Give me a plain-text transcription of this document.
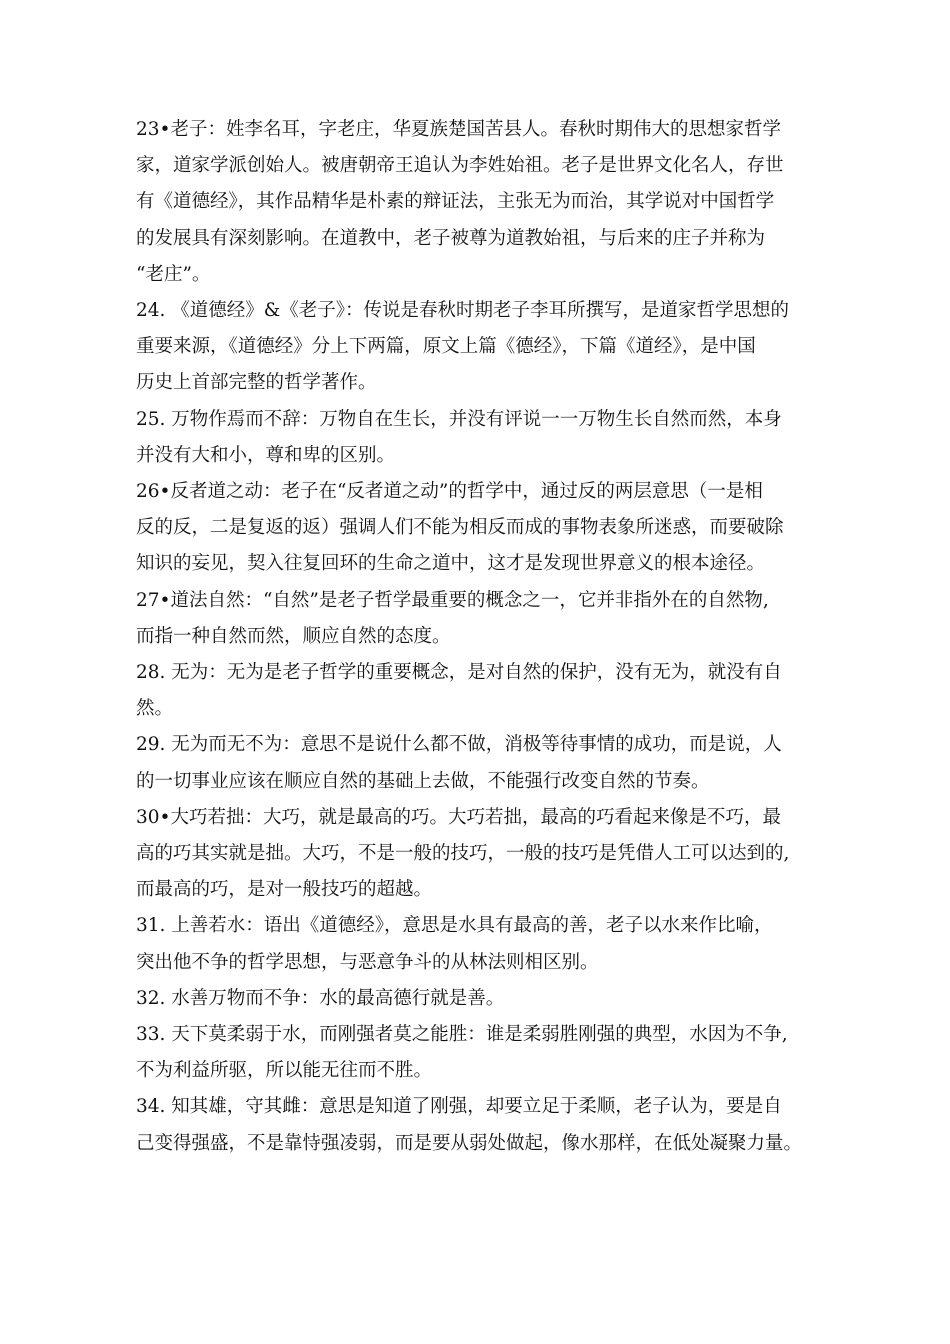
23•老子：姓李名耳，字老庄，华夏族楚国苦县人。春秋时期伟大的思想家哲学
家，道家学派创始人。被唐朝帝王追认为李姓始祖。老子是世界文化名人，存世
有《道德经》，其作品精华是朴素的辩证法，主张无为而治，其学说对中国哲学
的发展具有深刻影响。在道教中，老子被尊为道教始祖，与后来的庄子并称为
“老庄”。
24. 《道德经》&《老子》：传说是春秋时期老子李耳所撰写，是道家哲学思想的
重要来源，《道德经》分上下两篇，原文上篇《德经》，下篇《道经》，是中国
历史上首部完整的哲学著作。
25. 万物作焉而不辞：万物自在生长，并没有评说一一万物生长自然而然，本身
并没有大和小，尊和卑的区别。
26•反者道之动：老子在“反者道之动”的哲学中，通过反的两层意思（一是相
反的反，二是复返的返）强调人们不能为相反而成的事物表象所迷惑，而要破除
知识的妄见，契入往复回环的生命之道中，这才是发现世界意义的根本途径。
27•道法自然：“自然”是老子哲学最重要的概念之一，它并非指外在的自然物,
而指一种自然而然，顺应自然的态度。
28. 无为：无为是老子哲学的重要概念，是对自然的保护，没有无为，就没有自
然。
29. 无为而无不为：意思不是说什么都不做，消极等待事情的成功，而是说，人
的一切事业应该在顺应自然的基础上去做，不能强行改变自然的节奏。
30•大巧若拙：大巧，就是最高的巧。大巧若拙，最高的巧看起来像是不巧，最
高的巧其实就是拙。大巧，不是一般的技巧，一般的技巧是凭借人工可以达到的,
而最高的巧，是对一般技巧的超越。
31. 上善若水：语出《道德经》，意思是水具有最高的善，老子以水来作比喻，
突出他不争的哲学思想，与恶意争斗的从林法则相区别。
32. 水善万物而不争：水的最高德行就是善。
33. 天下莫柔弱于水，而刚强者莫之能胜：谁是柔弱胜刚强的典型，水因为不争,
不为利益所驱，所以能无往而不胜。
34. 知其雄，守其雌：意思是知道了刚强，却要立足于柔顺，老子认为，要是自
己变得强盛，不是靠恃强凌弱，而是要从弱处做起，像水那样，在低处凝聚力量。
